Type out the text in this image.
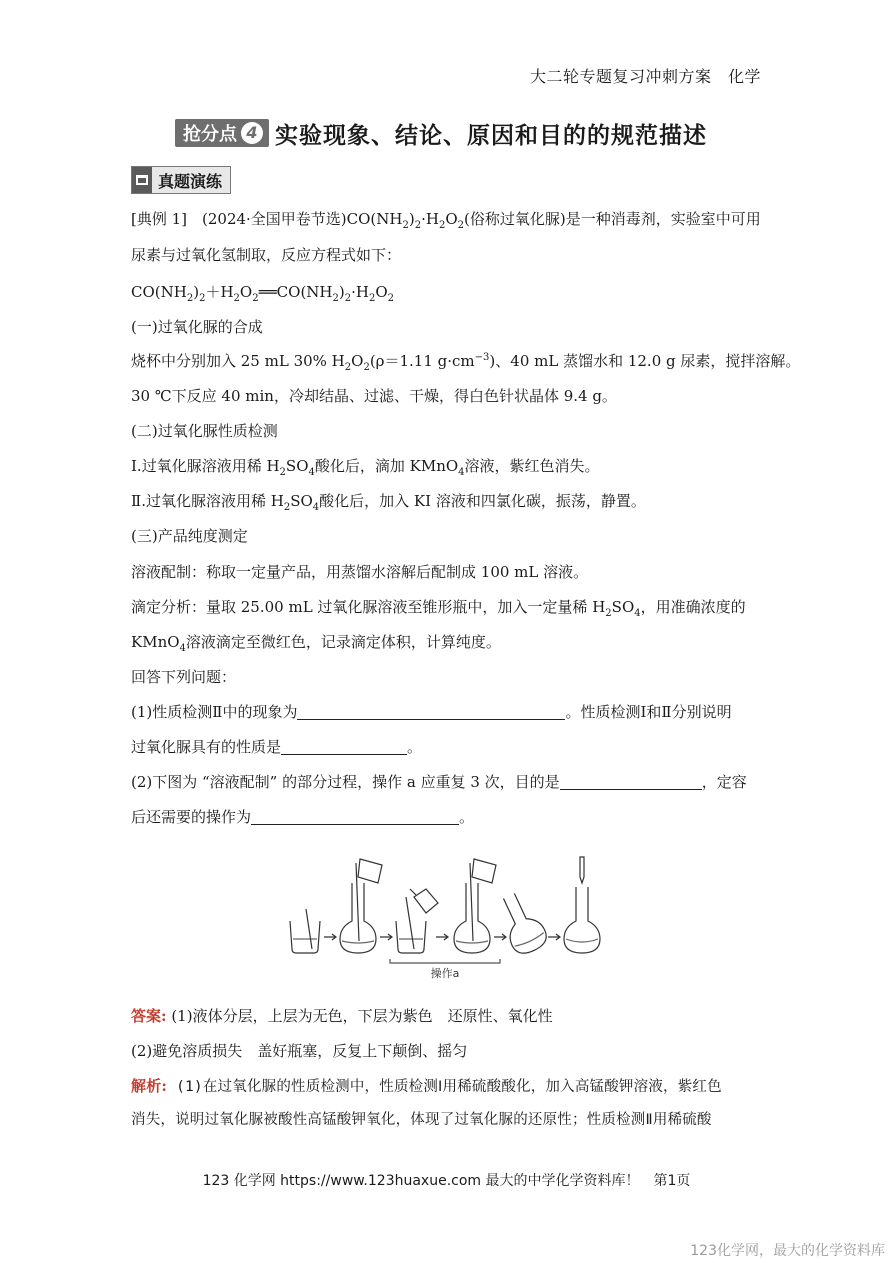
大二轮专题复习冲刺方案　化学
抢分点 4 实验现象、结论、原因和目的的规范描述
真题演练
[典例 1]　(2024·全国甲卷节选)$CO(NH_2)_2\cdot H_2O_2$(俗称过氧化脲)是一种消毒剂，实验室中可用
尿素与过氧化氢制取，反应方程式如下：
$CO(NH_2)_2+H_2O_2══CO(NH_2)_2\cdot H_2O_2$
(一)过氧化脲的合成
烧杯中分别加入 25 mL 30% $H_2O_2(\rho=1.11$ $g\cdot cm^{-3}$)、40 mL 蒸馏水和 12.0 g 尿素，搅拌溶解。
30 ℃下反应 40 min，冷却结晶、过滤、干燥，得白色针状晶体 9.4 g。
(二)过氧化脲性质检测
Ⅰ.过氧化脲溶液用稀 $H_2SO_4$酸化后，滴加 KMnO$_4$溶液，紫红色消失。
Ⅱ.过氧化脲溶液用稀 $H_2SO_4$酸化后，加入 KI 溶液和四氯化碳，振荡，静置。
(三)产品纯度测定
溶液配制：称取一定量产品，用蒸馏水溶解后配制成 100 mL 溶液。
滴定分析：量取 25.00 mL 过氧化脲溶液至锥形瓶中，加入一定量稀 $H_2SO_4$，用准确浓度的
KMnO$_4$溶液滴定至微红色，记录滴定体积，计算纯度。
回答下列问题：
(1)性质检测Ⅱ中的现象为	。性质检测Ⅰ和Ⅱ分别说明
过氧化脲具有的性质是	。
(2)下图为 “溶液配制” 的部分过程，操作 a 应重复 3 次，目的是	，定容
后还需要的操作为	。
操作a
答案: (1)液体分层，上层为无色，下层为紫色　还原性、氧化性
(2)避免溶质损失　盖好瓶塞，反复上下颠倒、摇匀
解析: (1)在过氧化脲的性质检测中，性质检测Ⅰ用稀硫酸酸化，加入高锰酸钾溶液，紫红色
消失，说明过氧化脲被酸性高锰酸钾氧化，体现了过氧化脲的还原性；性质检测Ⅱ用稀硫酸
123 化学网 https://www.123huaxue.com 最大的中学化学资料库！　第1页
123化学网，最大的化学资料库
